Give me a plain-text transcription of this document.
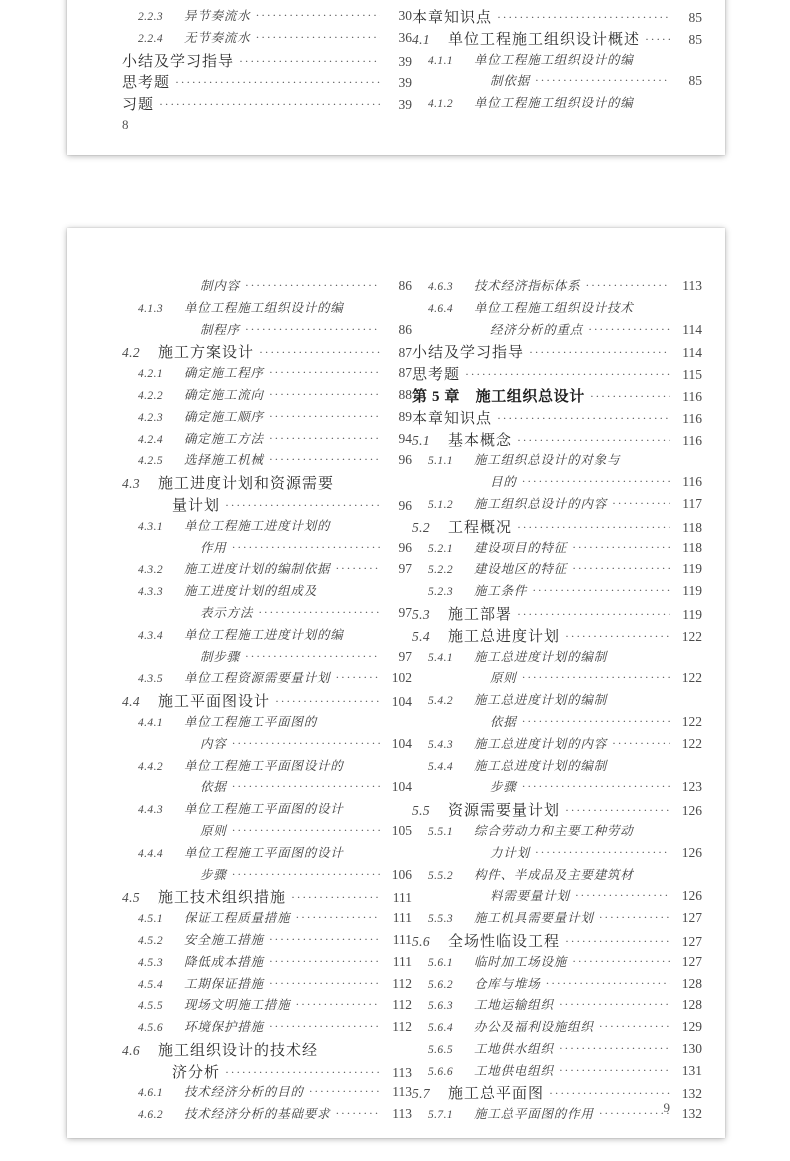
2.2.3	异节奏流水 ·····	30
2.2.4	无节奏流水 ·····	36
小结及学习指导 ·····	39
思考题 ·····	39
习题 ·····	39
本章知识点 ·····	85
4.1	单位工程施工组织设计概述 ·····	85
4.1.1	单位工程施工组织设计的编
制依据 ·····	85
4.1.2	单位工程施工组织设计的编
8
制内容 ·····	86
4.1.3	单位工程施工组织设计的编
制程序 ·····	86
4.2	施工方案设计 ·····	87
4.2.1	确定施工程序 ·····	87
4.2.2	确定施工流向 ·····	88
4.2.3	确定施工顺序 ·····	89
4.2.4	确定施工方法 ·····	94
4.2.5	选择施工机械 ·····	96
4.3	施工进度计划和资源需要
量计划 ·····	96
4.3.1	单位工程施工进度计划的
作用 ·····	96
4.3.2	施工进度计划的编制依据 ·····	97
4.3.3	施工进度计划的组成及
表示方法 ·····	97
4.3.4	单位工程施工进度计划的编
制步骤 ·····	97
4.3.5	单位工程资源需要量计划 ·····	102
4.4	施工平面图设计 ·····	104
4.4.1	单位工程施工平面图的
内容 ·····	104
4.4.2	单位工程施工平面图设计的
依据 ·····	104
4.4.3	单位工程施工平面图的设计
原则 ·····	105
4.4.4	单位工程施工平面图的设计
步骤 ·····	106
4.5	施工技术组织措施 ·····	111
4.5.1	保证工程质量措施 ·····	111
4.5.2	安全施工措施 ·····	111
4.5.3	降低成本措施 ·····	111
4.5.4	工期保证措施 ·····	112
4.5.5	现场文明施工措施 ·····	112
4.5.6	环境保护措施 ·····	112
4.6	施工组织设计的技术经
济分析 ·····	113
4.6.1	技术经济分析的目的 ·····	113
4.6.2	技术经济分析的基础要求 ·····	113
4.6.3	技术经济指标体系 ·····	113
4.6.4	单位工程施工组织设计技术
经济分析的重点 ·····	114
小结及学习指导 ·····	114
思考题 ·····	115
第 5 章　施工组织总设计 ·····	116
本章知识点 ·····	116
5.1	基本概念 ·····	116
5.1.1	施工组织总设计的对象与
目的 ·····	116
5.1.2	施工组织总设计的内容 ·····	117
5.2	工程概况 ·····	118
5.2.1	建设项目的特征 ·····	118
5.2.2	建设地区的特征 ·····	119
5.2.3	施工条件 ·····	119
5.3	施工部署 ·····	119
5.4	施工总进度计划 ·····	122
5.4.1	施工总进度计划的编制
原则 ·····	122
5.4.2	施工总进度计划的编制
依据 ·····	122
5.4.3	施工总进度计划的内容 ·····	122
5.4.4	施工总进度计划的编制
步骤 ·····	123
5.5	资源需要量计划 ·····	126
5.5.1	综合劳动力和主要工种劳动
力计划 ·····	126
5.5.2	构件、半成品及主要建筑材
料需要量计划 ·····	126
5.5.3	施工机具需要量计划 ·····	127
5.6	全场性临设工程 ·····	127
5.6.1	临时加工场设施 ·····	127
5.6.2	仓库与堆场 ·····	128
5.6.3	工地运输组织 ·····	128
5.6.4	办公及福利设施组织 ·····	129
5.6.5	工地供水组织 ·····	130
5.6.6	工地供电组织 ·····	131
5.7	施工总平面图 ·····	132
5.7.1	施工总平面图的作用 ·····	132
9
